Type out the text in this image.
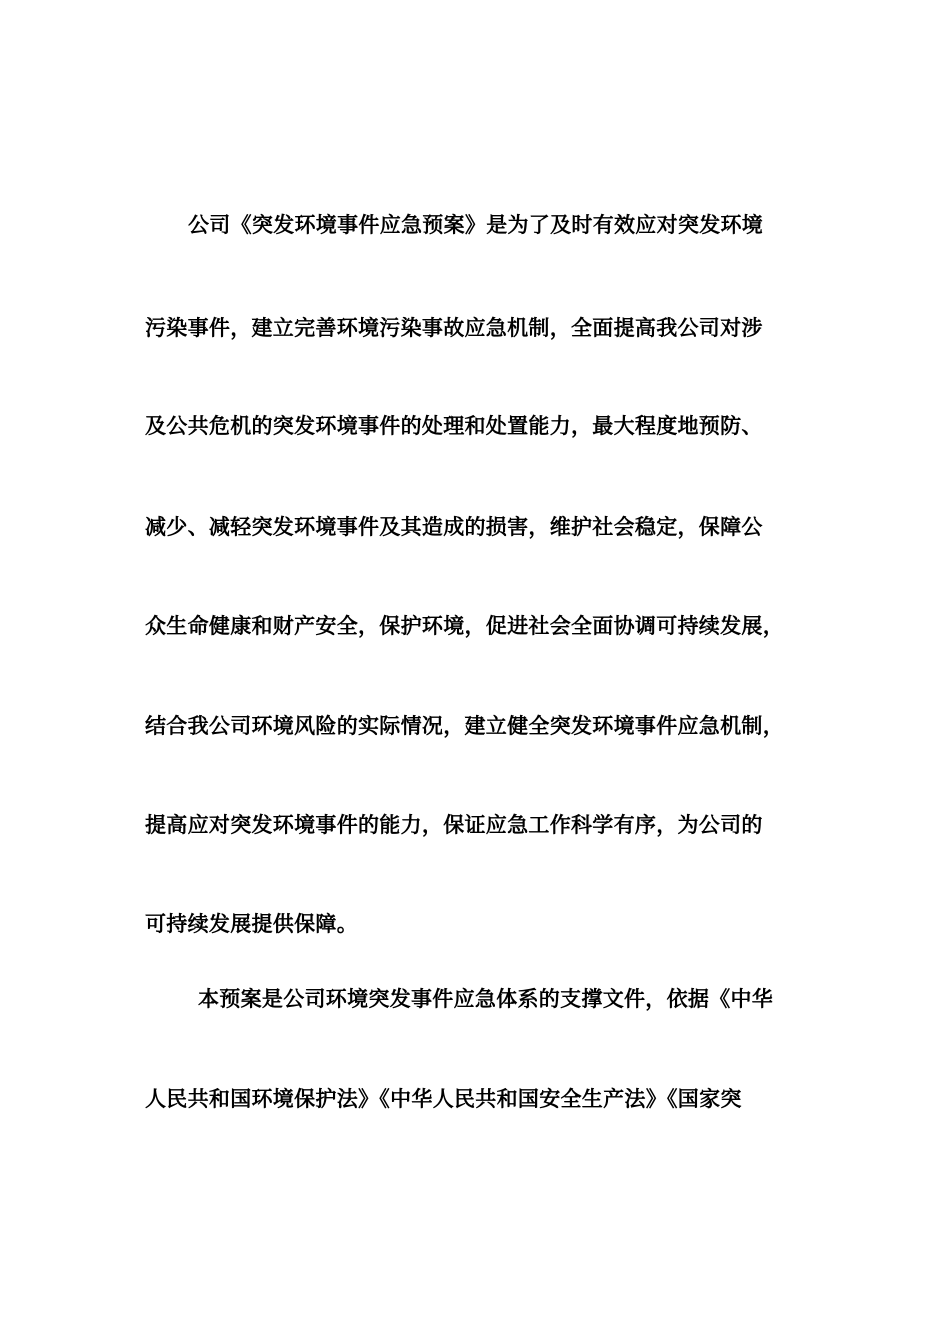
公司《突发环境事件应急预案》是为了及时有效应对突发环境
污染事件，建立完善环境污染事故应急机制，全面提高我公司对涉
及公共危机的突发环境事件的处理和处置能力，最大程度地预防、
减少、减轻突发环境事件及其造成的损害，维护社会稳定，保障公
众生命健康和财产安全，保护环境，促进社会全面协调可持续发展，
结合我公司环境风险的实际情况，建立健全突发环境事件应急机制，
提高应对突发环境事件的能力，保证应急工作科学有序，为公司的
可持续发展提供保障。
本预案是公司环境突发事件应急体系的支撑文件，依据《中华
人民共和国环境保护法》《中华人民共和国安全生产法》《国家突
